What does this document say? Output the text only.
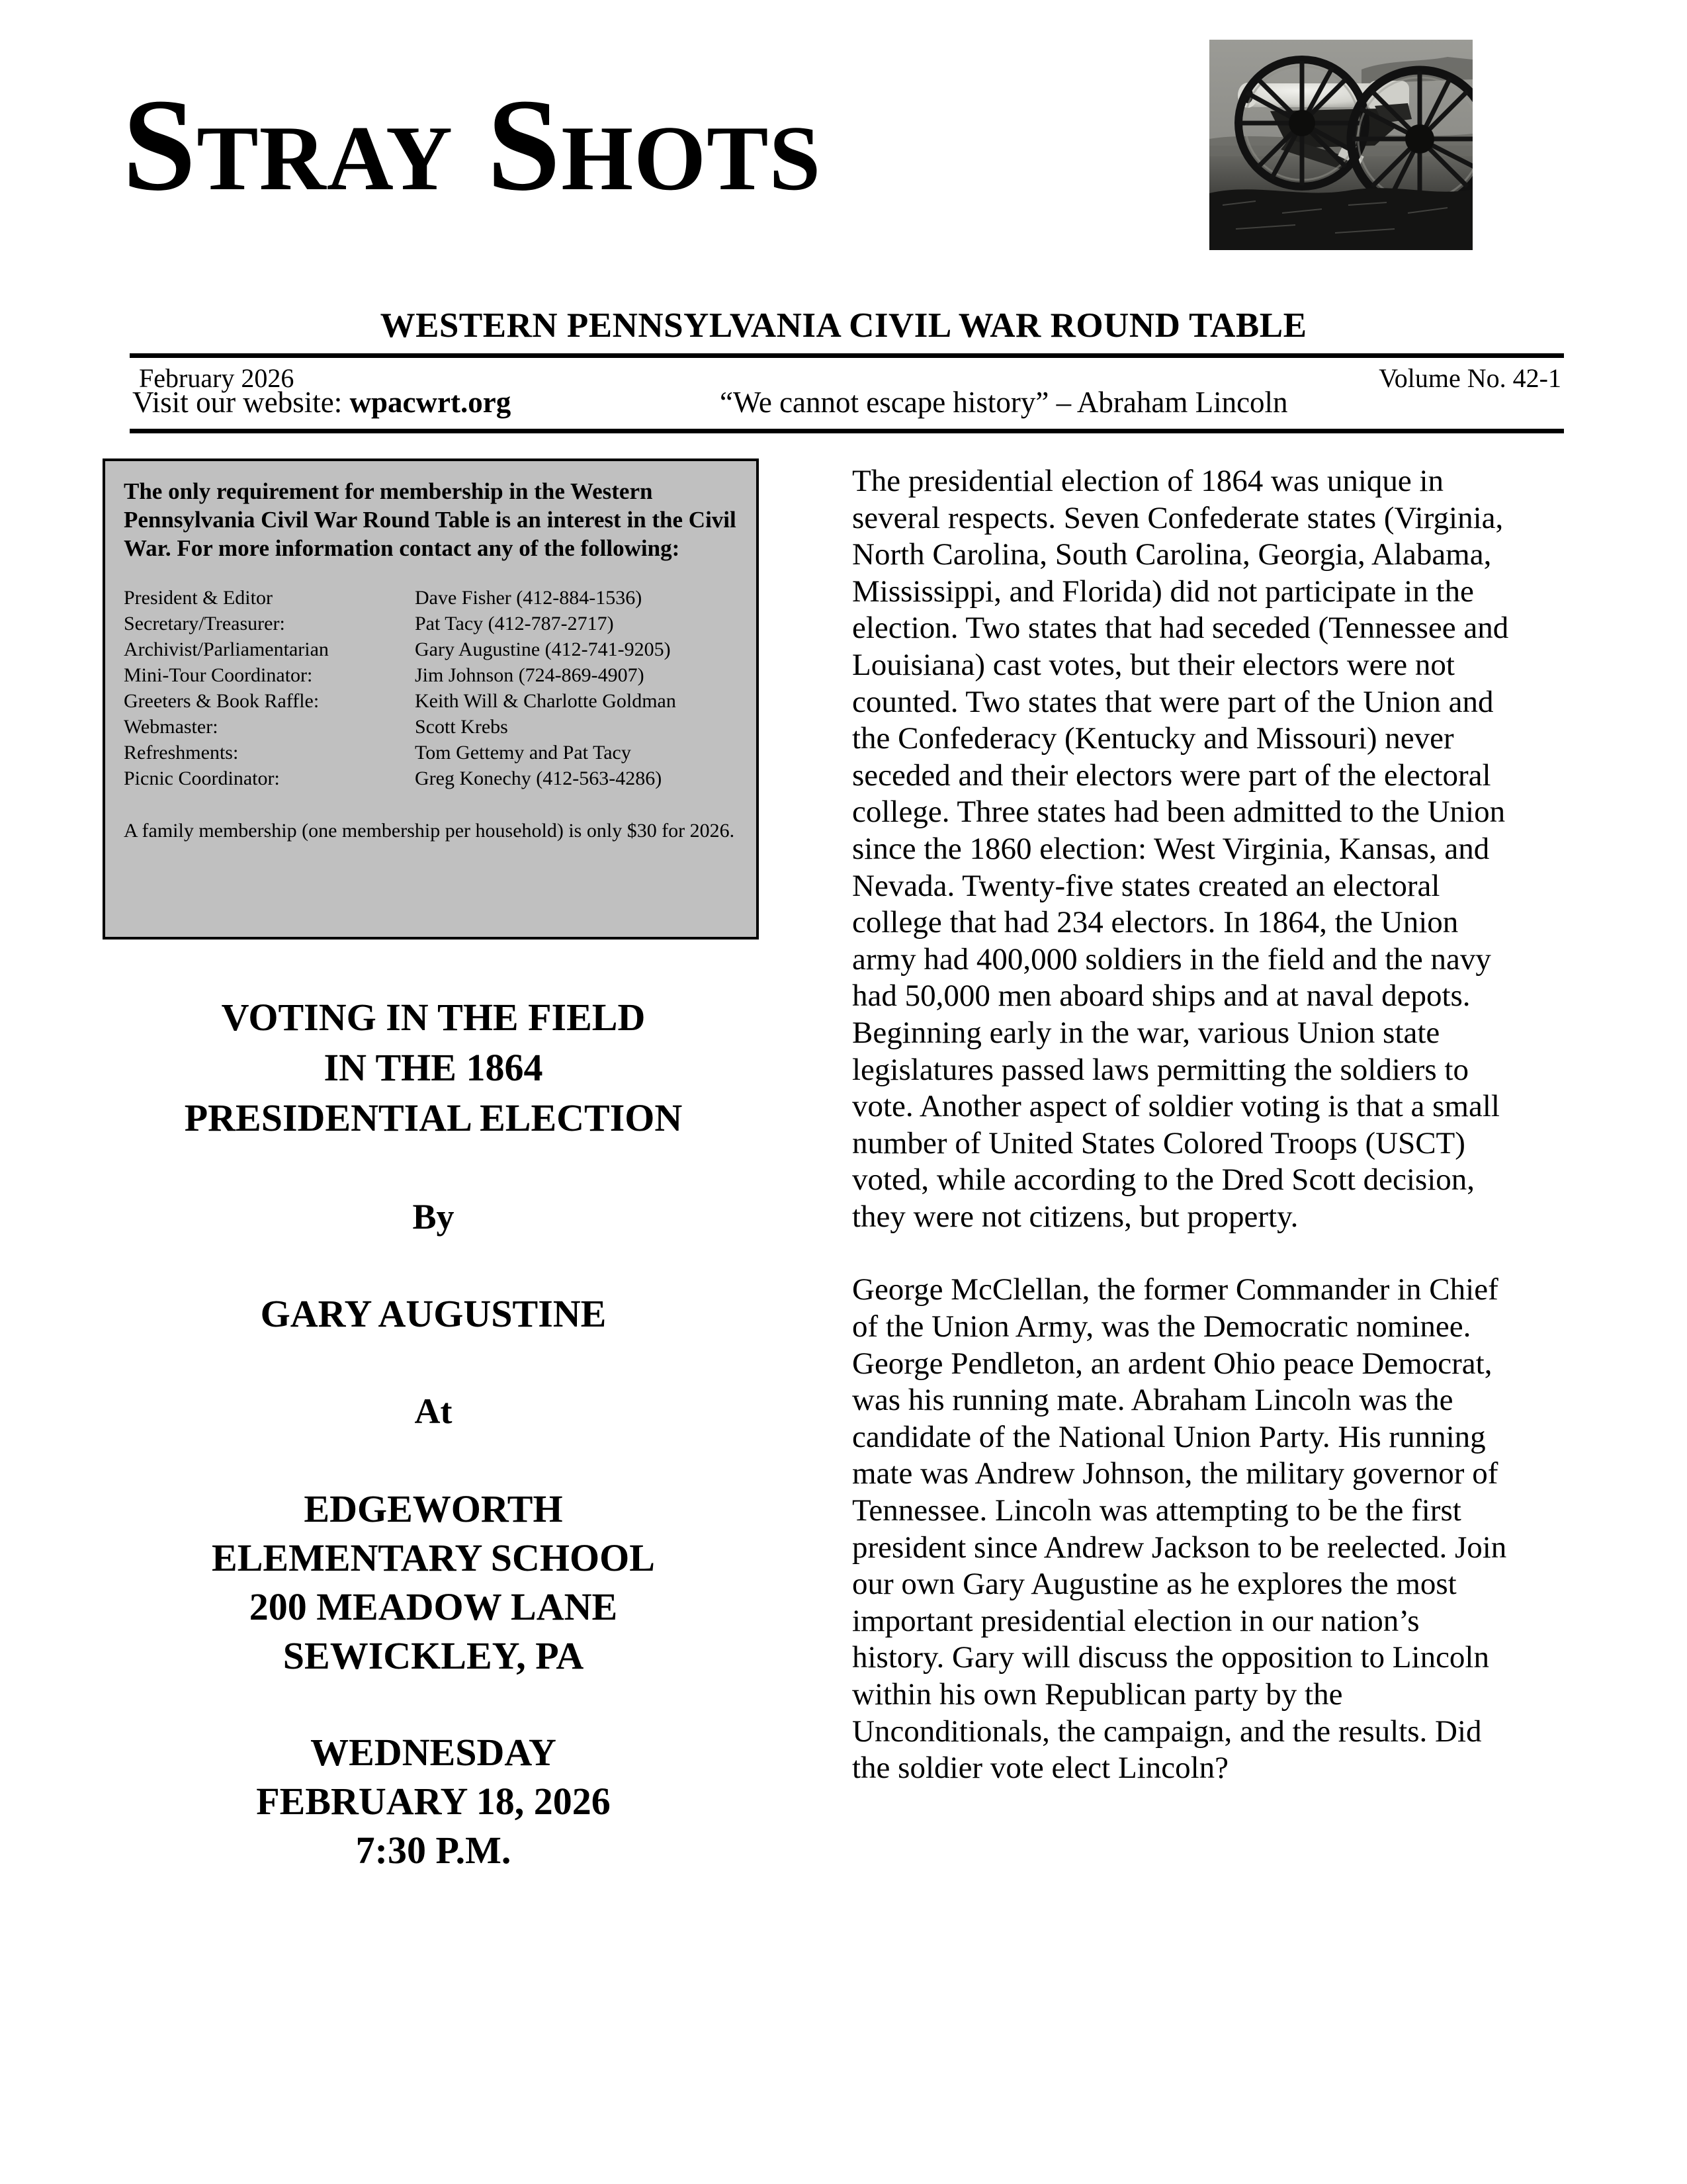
Stray Shots
WESTERN PENNSYLVANIA CIVIL WAR ROUND TABLE
February 2026	Volume No. 42-1
Visit our website: wpacwrt.org	“We cannot escape history” – Abraham Lincoln

The only requirement for membership in the Western Pennsylvania Civil War Round Table is an interest in the Civil War. For more information contact any of the following:

President & Editor	Dave Fisher (412-884-1536)
Secretary/Treasurer:	Pat Tacy (412-787-2717)
Archivist/Parliamentarian	Gary Augustine (412-741-9205)
Mini-Tour Coordinator:	Jim Johnson (724-869-4907)
Greeters & Book Raffle:	Keith Will & Charlotte Goldman
Webmaster:	Scott Krebs
Refreshments:	Tom Gettemy and Pat Tacy
Picnic Coordinator:	Greg Konechy (412-563-4286)
A family membership (one membership per household) is only $30 for 2026.
VOTING IN THE FIELD
IN THE 1864
PRESIDENTIAL ELECTION
By
GARY AUGUSTINE
At
EDGEWORTH
ELEMENTARY SCHOOL
200 MEADOW LANE
SEWICKLEY, PA
WEDNESDAY
FEBRUARY 18, 2026
7:30 P.M.

The presidential election of 1864 was unique in several respects. Seven Confederate states (Virginia, North Carolina, South Carolina, Georgia, Alabama, Mississippi, and Florida) did not participate in the election. Two states that had seceded (Tennessee and Louisiana) cast votes, but their electors were not counted. Two states that were part of the Union and the Confederacy (Kentucky and Missouri) never seceded and their electors were part of the electoral college. Three states had been admitted to the Union since the 1860 election: West Virginia, Kansas, and Nevada. Twenty-five states created an electoral college that had 234 electors. In 1864, the Union army had 400,000 soldiers in the field and the navy had 50,000 men aboard ships and at naval depots. Beginning early in the war, various Union state legislatures passed laws permitting the soldiers to vote. Another aspect of soldier voting is that a small number of United States Colored Troops (USCT) voted, while according to the Dred Scott decision, they were not citizens, but property.

George McClellan, the former Commander in Chief of the Union Army, was the Democratic nominee. George Pendleton, an ardent Ohio peace Democrat, was his running mate. Abraham Lincoln was the candidate of the National Union Party. His running mate was Andrew Johnson, the military governor of Tennessee. Lincoln was attempting to be the first president since Andrew Jackson to be reelected. Join our own Gary Augustine as he explores the most important presidential election in our nation’s history. Gary will discuss the opposition to Lincoln within his own Republican party by the Unconditionals, the campaign, and the results. Did the soldier vote elect Lincoln?
